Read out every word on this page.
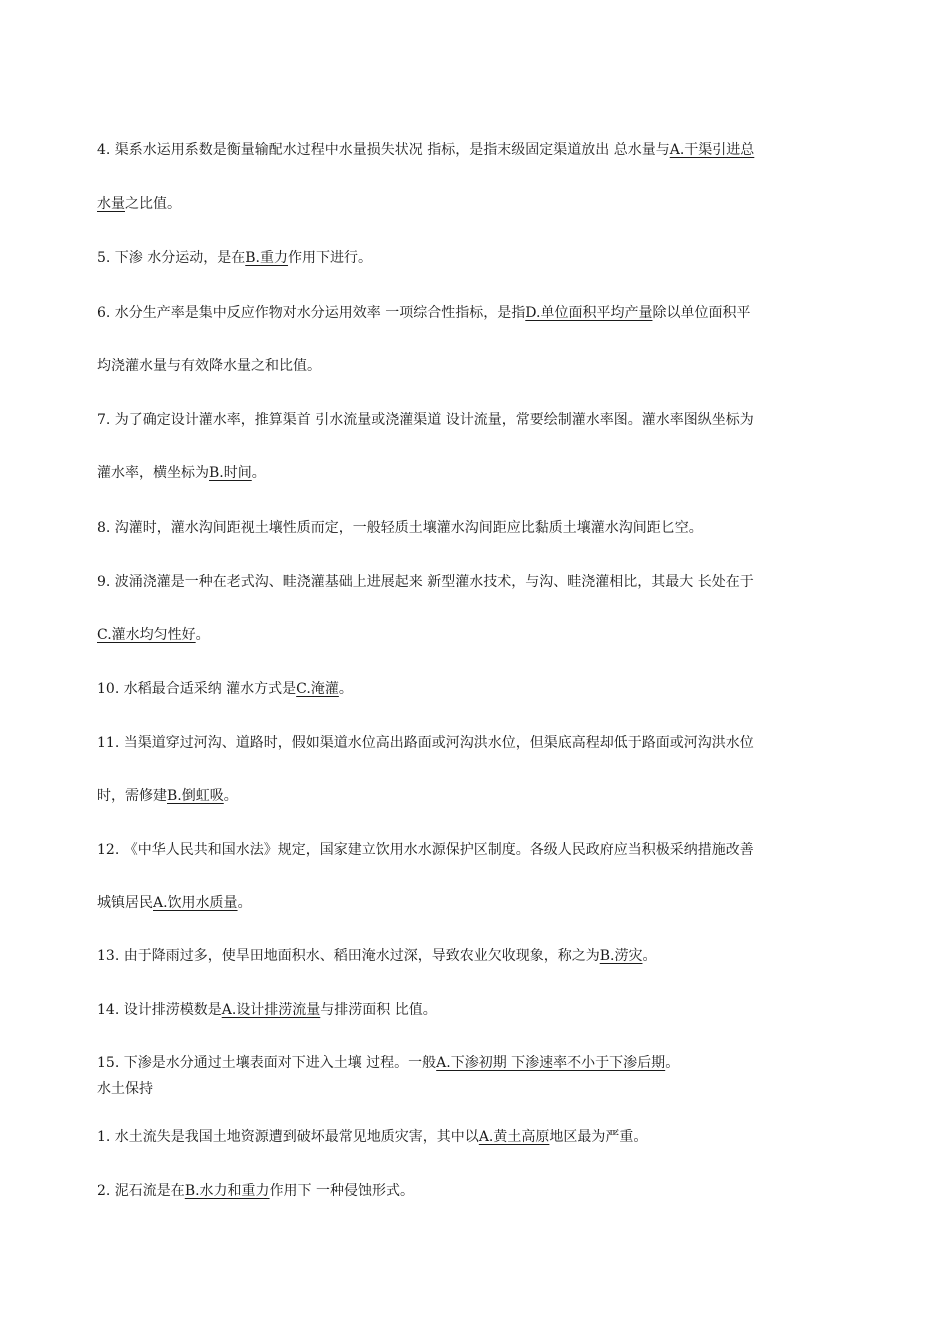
4. 渠系水运用系数是衡量输配水过程中水量损失状况 指标，是指末级固定渠道放出 总水量与A.干渠引进总
水量之比值。
5. 下渗 水分运动，是在B.重力作用下进行。
6. 水分生产率是集中反应作物对水分运用效率 一项综合性指标，是指D.单位面积平均产量除以单位面积平
均浇灌水量与有效降水量之和比值。
7. 为了确定设计灌水率，推算渠首 引水流量或浇灌渠道 设计流量，常要绘制灌水率图。灌水率图纵坐标为
灌水率，横坐标为B.时间。
8. 沟灌时，灌水沟间距视土壤性质而定，一般轻质土壤灌水沟间距应比黏质土壤灌水沟间距匕空。
9. 波涌浇灌是一种在老式沟、畦浇灌基础上进展起来 新型灌水技术，与沟、畦浇灌相比，其最大 长处在于
C.灌水均匀性好。
10. 水稻最合适采纳 灌水方式是C.淹灌。
11. 当渠道穿过河沟、道路时，假如渠道水位高出路面或河沟洪水位，但渠底高程却低于路面或河沟洪水位
时，需修建B.倒虹吸。
12. 《中华人民共和国水法》规定，国家建立饮用水水源保护区制度。各级人民政府应当积极采纳措施改善
城镇居民A.饮用水质量。
13. 由于降雨过多，使旱田地面积水、稻田淹水过深，导致农业欠收现象，称之为B.涝灾。
14. 设计排涝模数是A.设计排涝流量与排涝面积 比值。
15. 下渗是水分通过土壤表面对下进入土壤 过程。一般A.下渗初期 下渗速率不小于下渗后期。
水土保持
1. 水土流失是我国土地资源遭到破坏最常见地质灾害，其中以A.黄土高原地区最为严重。
2. 泥石流是在B.水力和重力作用下 一种侵蚀形式。
